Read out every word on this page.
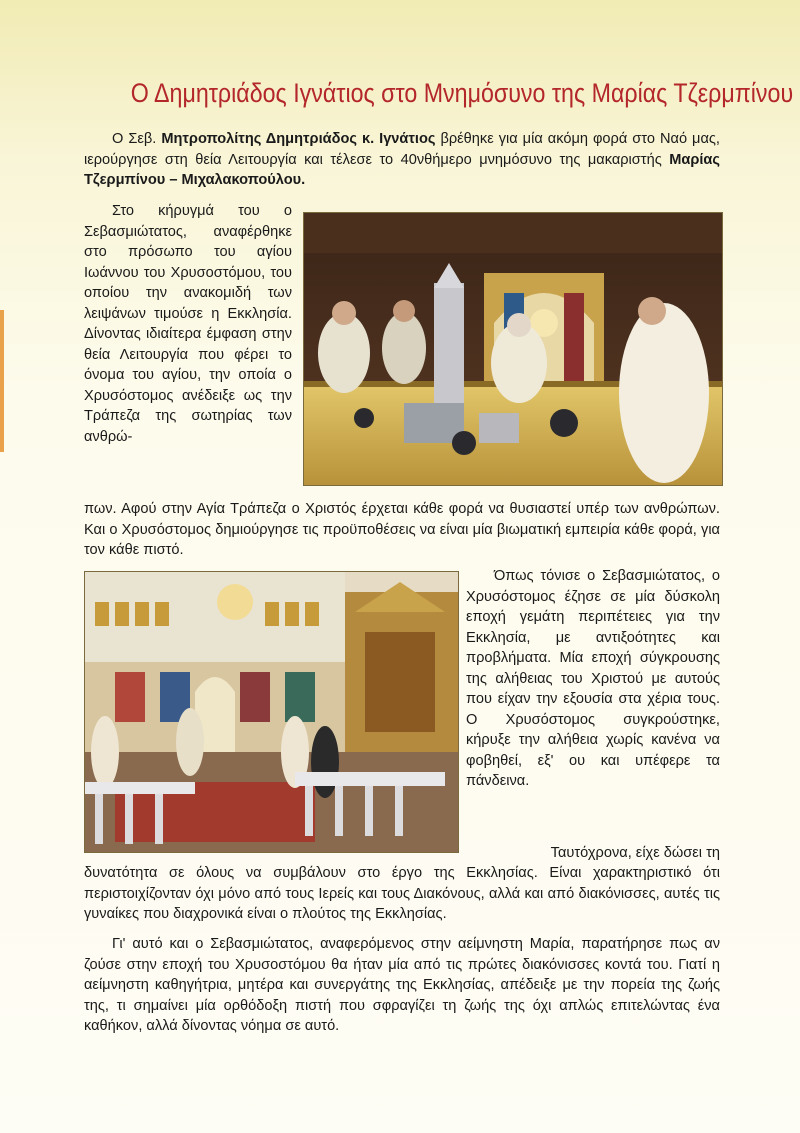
Ο Δημητριάδος Ιγνάτιος στο Μνημόσυνο της Μαρίας Τζερμπίνου

Ο Σεβ. Μητροπολίτης Δημητριάδος κ. Ιγνάτιος βρέθηκε για μία ακόμη φορά στο Ναό μας, ιερούργησε στη θεία Λειτουργία και τέλεσε το 40νθήμερο μνημόσυνο της μακαριστής Μαρίας Τζερμπίνου – Μιχαλακοπούλου.

Στο κήρυγμά του ο Σεβασμιώτατος, αναφέρθηκε στο πρόσωπο του αγίου Ιωάννου του Χρυσοστόμου, του οποίου την ανακομιδή των λειψάνων τιμούσε η Εκκλησία. Δίνοντας ιδιαίτερα έμφαση στην θεία Λειτουργία που φέρει το όνομα του αγίου, την οποία ο Χρυσόστομος ανέδειξε ως την Τράπεζα της σωτηρίας των ανθρώ-

πων. Αφού στην Αγία Τράπεζα ο Χριστός έρχεται κάθε φορά να θυσιαστεί υπέρ των ανθρώπων. Και ο Χρυσόστομος δημιούργησε τις προϋποθέσεις να είναι μία βιωματική εμπειρία κάθε φορά, για τον κάθε πιστό.

Όπως τόνισε ο Σεβασμιώτατος, ο Χρυσόστομος έζησε σε μία δύσκολη εποχή γεμάτη περιπέτειες για την Εκκλησία, με αντιξοότητες και προβλήματα. Μία εποχή σύγκρουσης της αλήθειας του Χριστού με αυτούς που είχαν την εξουσία στα χέρια τους. Ο Χρυσόστομος συγκρούστηκε, κήρυξε την αλήθεια χωρίς κανένα να φοβηθεί, εξ' ου και υπέφερε τα πάνδεινα.

Ταυτόχρονα, είχε δώσει τη

δυνατότητα σε όλους να συμβάλουν στο έργο της Εκκλησίας. Είναι χαρακτηριστικό ότι περιστοιχίζονταν όχι μόνο από τους Ιερείς και τους Διακόνους, αλλά και από διακόνισσες, αυτές τις γυναίκες που διαχρονικά είναι ο πλούτος της Εκκλησίας.

Γι' αυτό και ο Σεβασμιώτατος, αναφερόμενος στην αείμνηστη Μαρία, παρατήρησε πως αν ζούσε στην εποχή του Χρυσοστόμου θα ήταν μία από τις πρώτες διακόνισσες κοντά του. Γιατί η αείμνηστη καθηγήτρια, μητέρα και συνεργάτης της Εκκλησίας, απέδειξε με την πορεία της ζωής της, τι σημαίνει μία ορθόδοξη πιστή που σφραγίζει τη ζωής της όχι απλώς επιτελώντας ένα καθήκον, αλλά δίνοντας νόημα σε αυτό.
